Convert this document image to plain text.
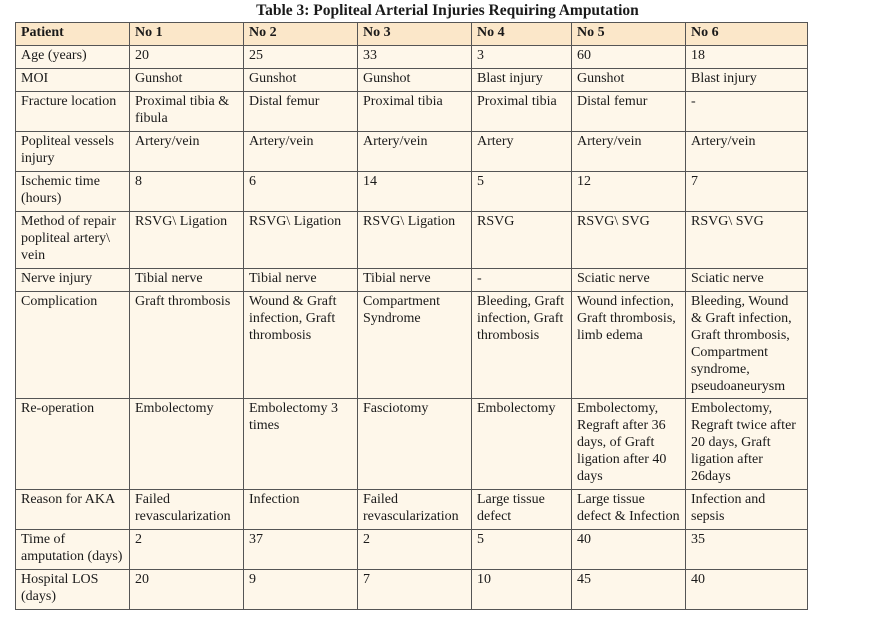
Table 3: Popliteal Arterial Injuries Requiring Amputation
Patient	No 1	No 2	No 3	No 4	No 5	No 6
Age (years)	20	25	33	3	60	18
MOI	Gunshot	Gunshot	Gunshot	Blast injury	Gunshot	Blast injury
Fracture location	Proximal tibia & fibula	Distal femur	Proximal tibia	Proximal tibia	Distal femur	-
Popliteal vessels injury	Artery/vein	Artery/vein	Artery/vein	Artery	Artery/vein	Artery/vein
Ischemic time (hours)	8	6	14	5	12	7
Method of repair popliteal artery\ vein	RSVG\ Ligation	RSVG\ Ligation	RSVG\ Ligation	RSVG	RSVG\ SVG	RSVG\ SVG
Nerve injury	Tibial nerve	Tibial nerve	Tibial nerve	-	Sciatic nerve	Sciatic nerve
Complication	Graft thrombosis	Wound & Graft infection, Graft thrombosis	Compartment Syndrome	Bleeding, Graft infection, Graft thrombosis	Wound infection, Graft thrombosis, limb edema	Bleeding, Wound & Graft infection, Graft thrombosis, Compartment syndrome, pseudoaneurysm
Re-operation	Embolectomy	Embolectomy 3 times	Fasciotomy	Embolectomy	Embolectomy, Regraft after 36 days, of Graft ligation after 40 days	Embolectomy, Regraft twice after 20 days, Graft ligation after 26days
Reason for AKA	Failed revascularization	Infection	Failed revascularization	Large tissue defect	Large tissue defect & Infection	Infection and sepsis
Time of amputation (days)	2	37	2	5	40	35
Hospital LOS (days)	20	9	7	10	45	40
